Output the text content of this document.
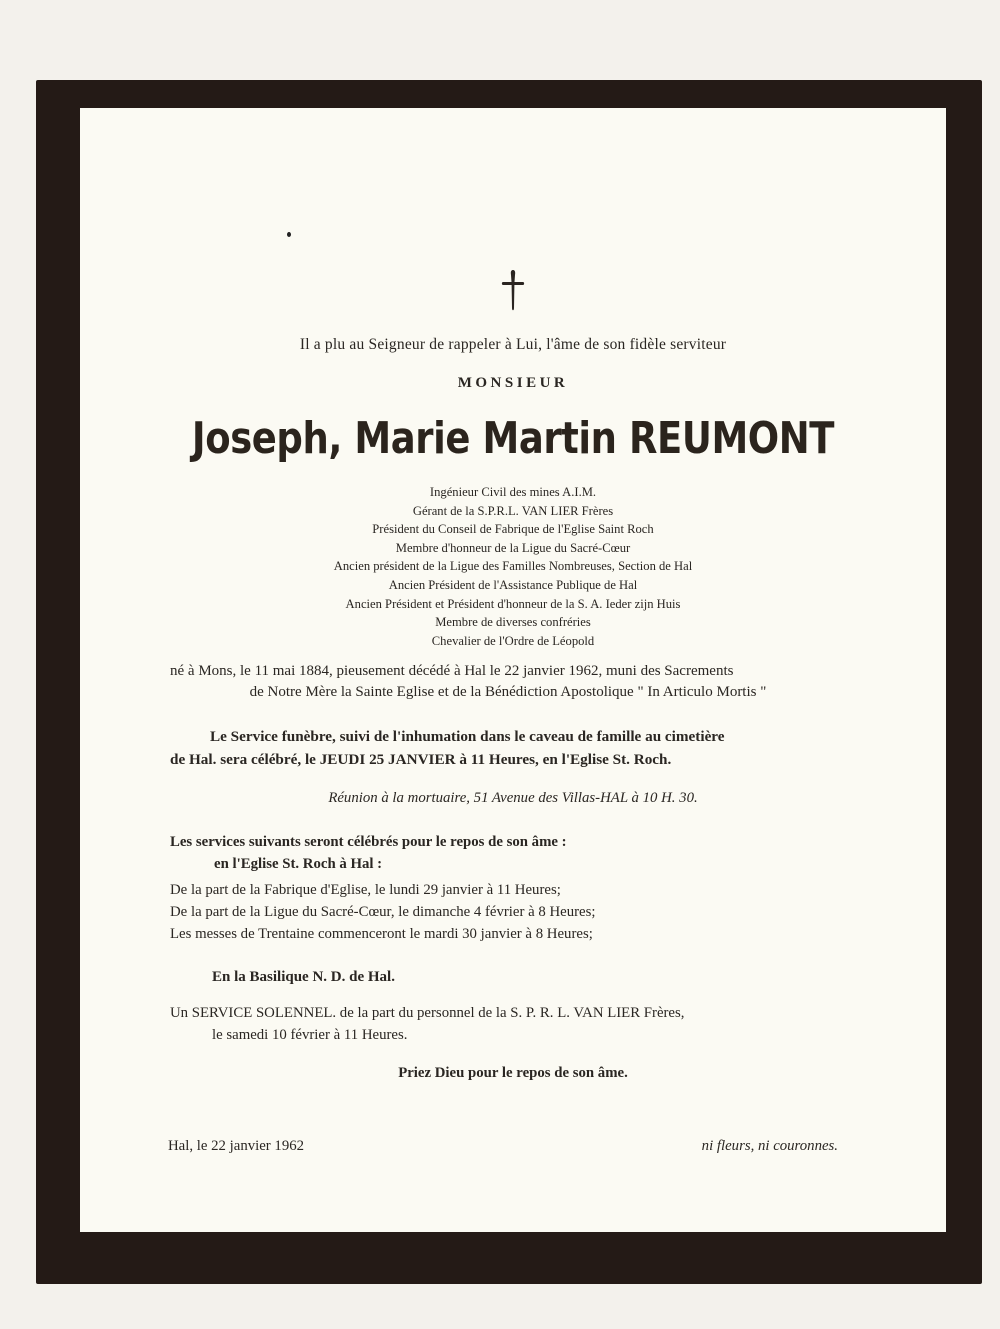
Il a plu au Seigneur de rappeler à Lui, l'âme de son fidèle serviteur
MONSIEUR
Joseph, Marie Martin REUMONT
Ingénieur Civil des mines A.I.M.
Gérant de la S.P.R.L. VAN LIER Frères
Président du Conseil de Fabrique de l'Eglise Saint Roch
Membre d'honneur de la Ligue du Sacré-Cœur
Ancien président de la Ligue des Familles Nombreuses, Section de Hal
Ancien Président de l'Assistance Publique de Hal
Ancien Président et Président d'honneur de la S. A. Ieder zijn Huis
Membre de diverses confréries
Chevalier de l'Ordre de Léopold
né à Mons, le 11 mai 1884, pieusement décédé à Hal le 22 janvier 1962, muni des Sacrements
de Notre Mère la Sainte Eglise et de la Bénédiction Apostolique " In Articulo Mortis "
Le Service funèbre, suivi de l'inhumation dans le caveau de famille au cimetière
de Hal. sera célébré, le JEUDI 25 JANVIER à 11 Heures, en l'Eglise St. Roch.
Réunion à la mortuaire, 51 Avenue des Villas-HAL à 10 H. 30.
Les services suivants seront célébrés pour le repos de son âme :
en l'Eglise St. Roch à Hal :
De la part de la Fabrique d'Eglise, le lundi 29 janvier à 11 Heures;
De la part de la Ligue du Sacré-Cœur, le dimanche 4 février à 8 Heures;
Les messes de Trentaine commenceront le mardi 30 janvier à 8 Heures;
En la Basilique N. D. de Hal.
Un SERVICE SOLENNEL. de la part du personnel de la S. P. R. L. VAN LIER Frères,
le samedi 10 février à 11 Heures.
Priez Dieu pour le repos de son âme.
Hal, le 22 janvier 1962	ni fleurs, ni couronnes.
